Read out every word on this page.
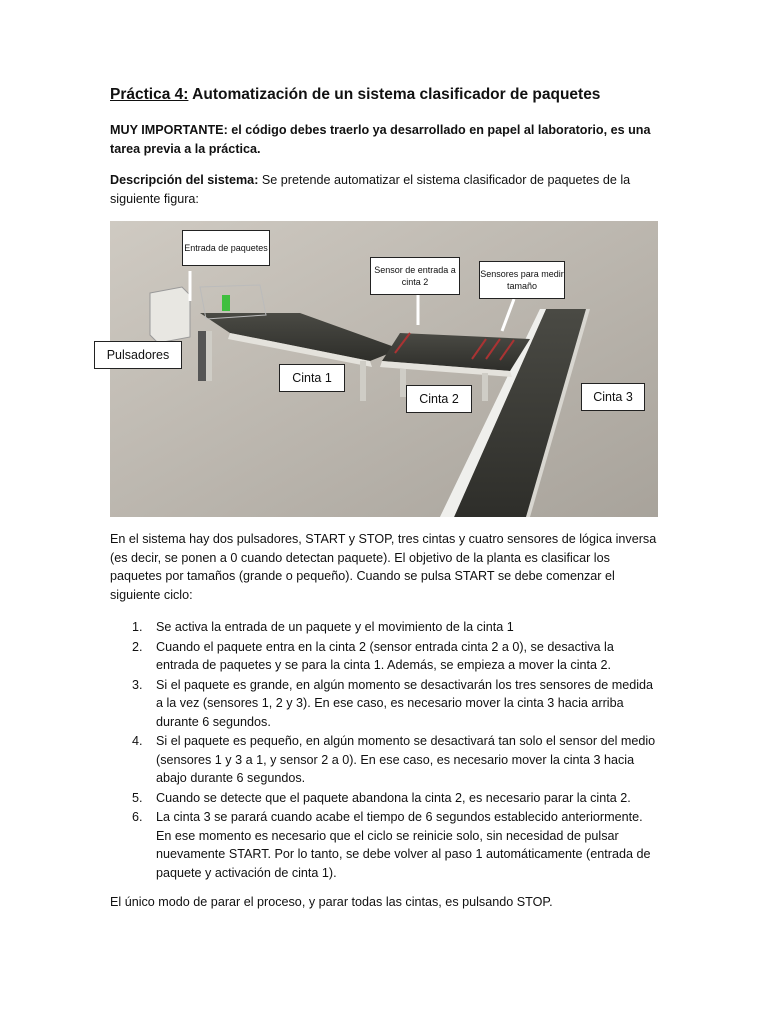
Práctica 4: Automatización de un sistema clasificador de paquetes
MUY IMPORTANTE: el código debes traerlo ya desarrollado en papel al laboratorio, es una tarea previa a la práctica.
Descripción del sistema: Se pretende automatizar el sistema clasificador de paquetes de la siguiente figura:
Entrada de paquetes
Sensor de entrada a cinta 2
Sensores para medir tamaño
Pulsadores
Cinta 1
Cinta 2	Cinta 3
En el sistema hay dos pulsadores, START y STOP, tres cintas y cuatro sensores de lógica inversa (es decir, se ponen a 0 cuando detectan paquete). El objetivo de la planta es clasificar los paquetes por tamaños (grande o pequeño). Cuando se pulsa START se debe comenzar el siguiente ciclo:
1. Se activa la entrada de un paquete y el movimiento de la cinta 1
2. Cuando el paquete entra en la cinta 2 (sensor entrada cinta 2 a 0), se desactiva la entrada de paquetes y se para la cinta 1. Además, se empieza a mover la cinta 2.
3. Si el paquete es grande, en algún momento se desactivarán los tres sensores de medida a la vez (sensores 1, 2 y 3). En ese caso, es necesario mover la cinta 3 hacia arriba durante 6 segundos.
4. Si el paquete es pequeño, en algún momento se desactivará tan solo el sensor del medio (sensores 1 y 3 a 1, y sensor 2 a 0). En ese caso, es necesario mover la cinta 3 hacia abajo durante 6 segundos.
5. Cuando se detecte que el paquete abandona la cinta 2, es necesario parar la cinta 2.
6. La cinta 3 se parará cuando acabe el tiempo de 6 segundos establecido anteriormente. En ese momento es necesario que el ciclo se reinicie solo, sin necesidad de pulsar nuevamente START. Por lo tanto, se debe volver al paso 1 automáticamente (entrada de paquete y activación de cinta 1).
El único modo de parar el proceso, y parar todas las cintas, es pulsando STOP.
